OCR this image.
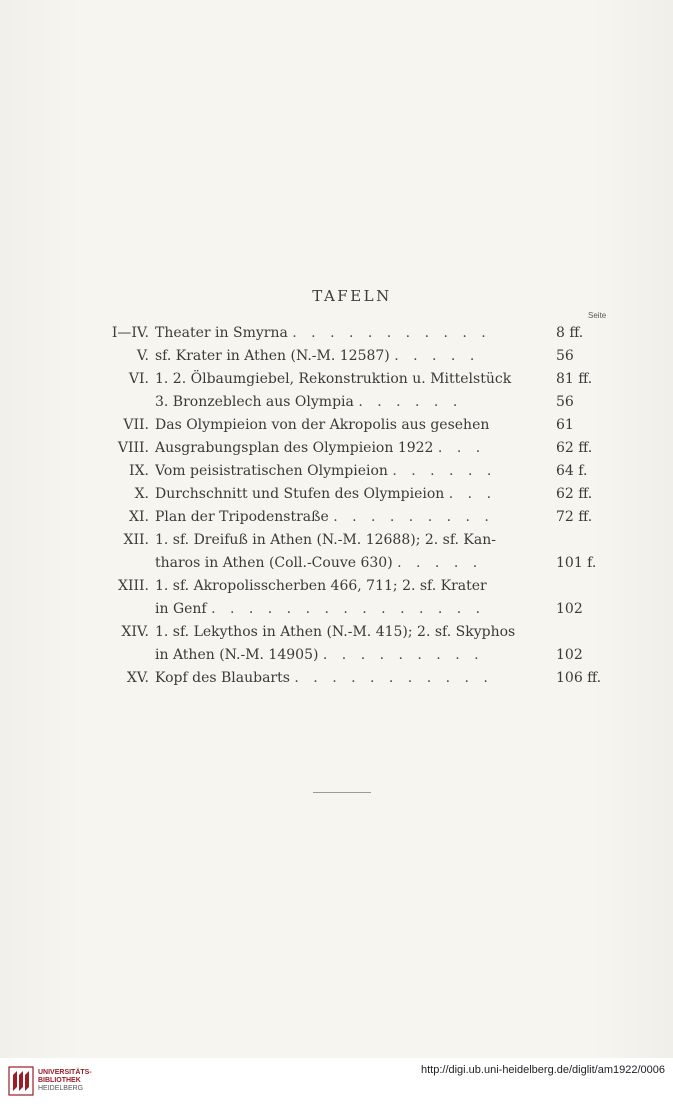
TAFELN
Seite
I—IV. Theater in Smyrna . . . . . . . . . . .	8 ff.
V. sf. Krater in Athen (N.-M. 12587) . . . . .	56
VI. 1. 2. Ölbaumgiebel, Rekonstruktion u. Mittelstück	81 ff.
3. Bronzeblech aus Olympia . . . . . .	56
VII. Das Olympieion von der Akropolis aus gesehen	61
VIII. Ausgrabungsplan des Olympieion 1922 . . .	62 ff.
IX. Vom peisistratischen Olympieion . . . . . .	64 f.
X. Durchschnitt und Stufen des Olympieion . . .	62 ff.
XI. Plan der Tripodenstraße . . . . . . . . .	72 ff.
XII. 1. sf. Dreifuß in Athen (N.-M. 12688); 2. sf. Kan-
tharos in Athen (Coll.-Couve 630) . . . . .	101 f.
XIII. 1. sf. Akropolisscherben 466, 711; 2. sf. Krater
in Genf . . . . . . . . . . . . . . .	102
XIV. 1. sf. Lekythos in Athen (N.-M. 415); 2. sf. Skyphos
in Athen (N.-M. 14905) . . . . . . . . .	102
XV. Kopf des Blaubarts . . . . . . . . . . .	106 ff.
UNIVERSITÄTS-
BIBLIOTHEK
HEIDELBERG
http://digi.ub.uni-heidelberg.de/diglit/am1922/0006
